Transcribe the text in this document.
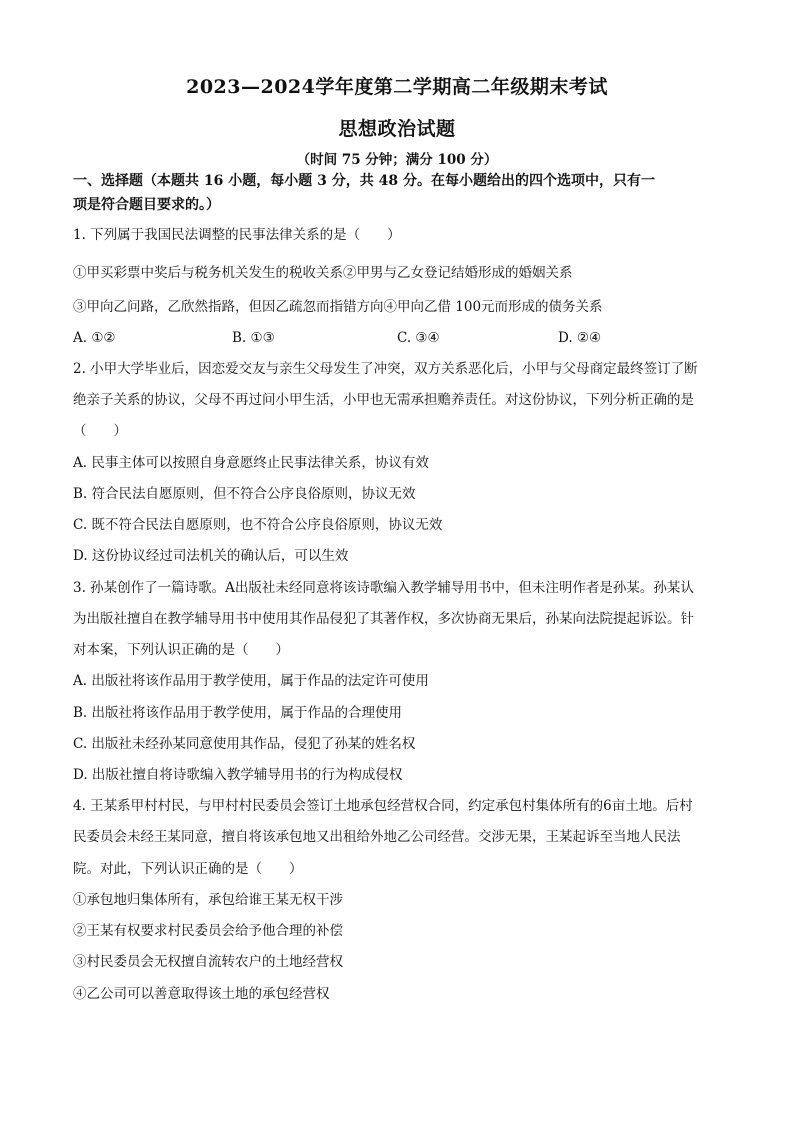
2023—2024学年度第二学期高二年级期末考试
思想政治试题
（时间 75 分钟；满分 100 分）
一、选择题（本题共 16 小题，每小题 3 分，共 48 分。在每小题给出的四个选项中，只有一
项是符合题目要求的。）
1. 下列属于我国民法调整的民事法律关系的是（　　）
①甲买彩票中奖后与税务机关发生的税收关系②甲男与乙女登记结婚形成的婚姻关系
③甲向乙问路，乙欣然指路，但因乙疏忽而指错方向④甲向乙借 100元而形成的债务关系
A. ①②	B. ①③	C. ③④	D. ②④
2. 小甲大学毕业后，因恋爱交友与亲生父母发生了冲突，双方关系恶化后，小甲与父母商定最终签订了断
绝亲子关系的协议，父母不再过问小甲生活，小甲也无需承担赡养责任。对这份协议，下列分析正确的是
（　　）
A. 民事主体可以按照自身意愿终止民事法律关系，协议有效
B. 符合民法自愿原则，但不符合公序良俗原则，协议无效
C. 既不符合民法自愿原则，也不符合公序良俗原则，协议无效
D. 这份协议经过司法机关的确认后，可以生效
3. 孙某创作了一篇诗歌。A出版社未经同意将该诗歌编入教学辅导用书中，但未注明作者是孙某。孙某认
为出版社擅自在教学辅导用书中使用其作品侵犯了其著作权，多次协商无果后，孙某向法院提起诉讼。针
对本案，下列认识正确的是（　　）
A. 出版社将该作品用于教学使用，属于作品的法定许可使用
B. 出版社将该作品用于教学使用，属于作品的合理使用
C. 出版社未经孙某同意使用其作品，侵犯了孙某的姓名权
D. 出版社擅自将诗歌编入教学辅导用书的行为构成侵权
4. 王某系甲村村民，与甲村村民委员会签订土地承包经营权合同，约定承包村集体所有的6亩土地。后村
民委员会未经王某同意，擅自将该承包地又出租给外地乙公司经营。交涉无果，王某起诉至当地人民法
院。对此，下列认识正确的是（　　）
①承包地归集体所有，承包给谁王某无权干涉
②王某有权要求村民委员会给予他合理的补偿
③村民委员会无权擅自流转农户的土地经营权
④乙公司可以善意取得该土地的承包经营权
